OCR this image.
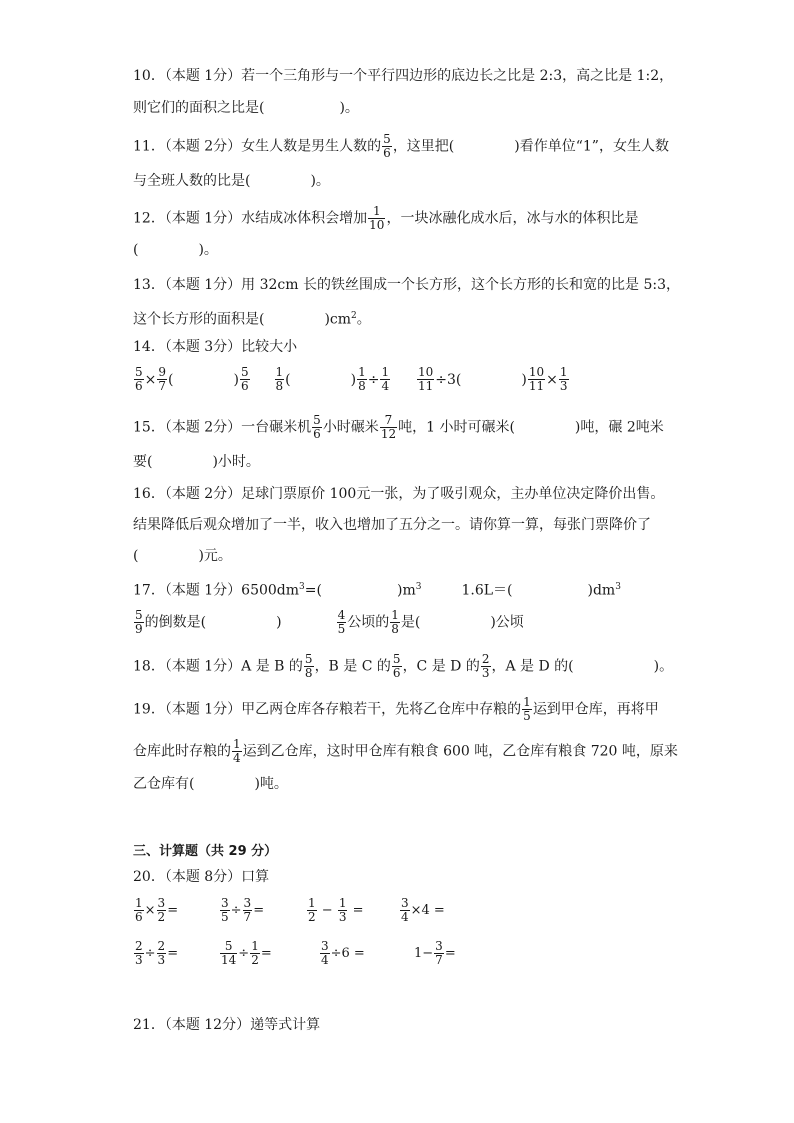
10．（本题 1分）若一个三角形与一个平行四边形的底边长之比是 2:3，高之比是 1:2，
则它们的面积之比是(	)。
11．（本题 2分）女生人数是男生人数的 $\frac{5}{6}$ ，这里把(	)看作单位“1”，女生人数
与全班人数的比是(	)。
12．（本题 1分）水结成冰体积会增加 $\frac{1}{10}$ ，一块冰融化成水后，冰与水的体积比是
(	)。
13．（本题 1分）用 32cm 长的铁丝围成一个长方形，这个长方形的长和宽的比是 5:3，
这个长方形的面积是(	)$cm^2$。
14．（本题 3分）比较大小
$\frac{5}{6} \times \frac{9}{7}$ (	) $\frac{5}{6}$
$\frac{1}{8}$ (	) $\frac{1}{8} \div \frac{1}{4}$
$\frac{10}{11} \div 3$(	) $\frac{10}{11} \times \frac{1}{3}$
15．（本题 2分）一台碾米机 $\frac{5}{6}$ 小时碾米 $\frac{7}{12}$ 吨，1 小时可碾米(	)吨，碾 2吨米
要(	)小时。
16．（本题 2分）足球门票原价 100元一张，为了吸引观众，主办单位决定降价出售。
结果降低后观众增加了一半，收入也增加了五分之一。请你算一算，每张门票降价了
(	)元。
17．（本题 1分）$6500dm^3=$(	)$m^3$	1.6L＝(	)$dm^3$
$\frac{5}{9}$ 的倒数是(	)	$\frac{4}{5}$ 公顷的 $\frac{1}{8}$ 是(	)公顷
18．（本题 1分）A 是 B 的 $\frac{5}{8}$ ，B 是 C 的 $\frac{5}{6}$ ，C 是 D 的 $\frac{2}{3}$ ，A 是 D 的(	)。
19．（本题 1分）甲乙两仓库各存粮若干，先将乙仓库中存粮的 $\frac{1}{5}$ 运到甲仓库，再将甲
仓库此时存粮的 $\frac{1}{4}$ 运到乙仓库，这时甲仓库有粮食 600 吨，乙仓库有粮食 720 吨，原来
乙仓库有(	)吨。
三、计算题（共 29 分）
20．（本题 8分）口算
$\frac{1}{6} \times \frac{3}{2}$ =	$\frac{3}{5} \div \frac{3}{7}$ =	$\frac{1}{2} - \frac{1}{3}$ =	$\frac{3}{4} \times 4$ =
$\frac{2}{3} \div \frac{2}{3}$ =	$\frac{5}{14} \div \frac{1}{2}$ =	$\frac{3}{4} \div 6$ =	$1- \frac{3}{7}$ =
21．（本题 12分）递等式计算
